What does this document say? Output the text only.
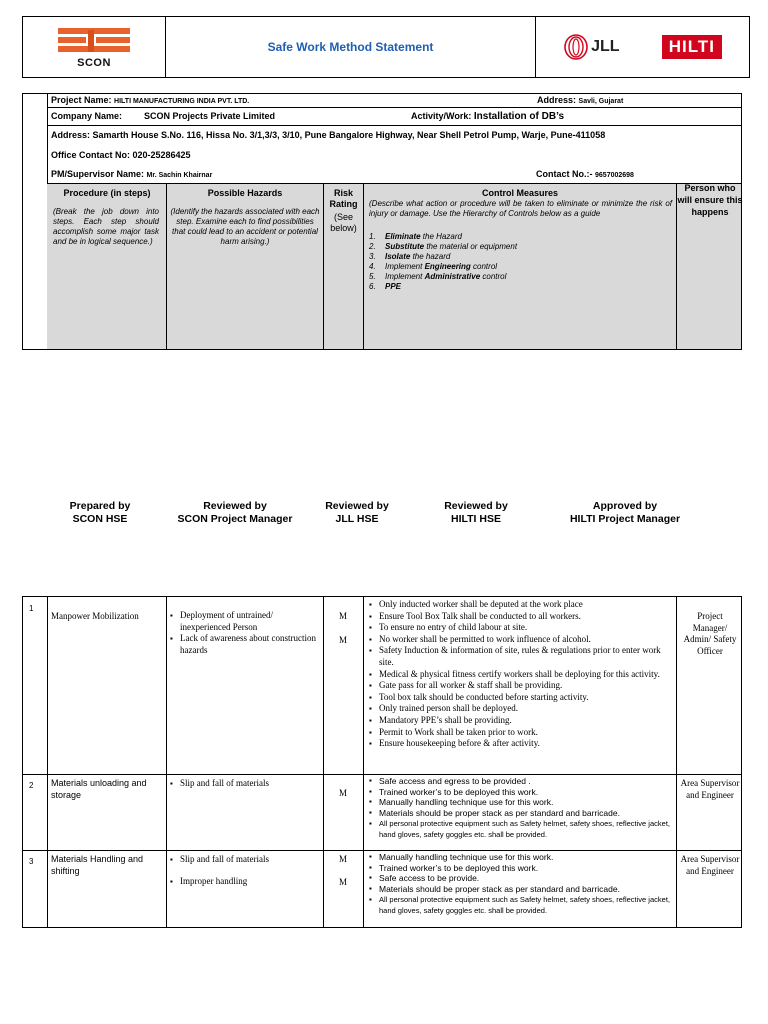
SCON
Safe Work Method Statement	JLL	HILTI
Project Name: HILTI MANUFACTURING INDIA PVT. LTD.	Address: Savli, Gujarat
Company Name: SCON Projects Private Limited	Activity/Work: Installation of DB’s
Address: Samarth House S.No. 116, Hissa No. 3/1,3/3, 3/10, Pune Bangalore Highway, Near Shell Petrol Pump, Warje, Pune-411058
Office Contact No: 020-25286425
PM/Supervisor Name: Mr. Sachin Khairnar	Contact No.:- 9657002698
Procedure (in steps)
(Break the job down into steps. Each step should accomplish some major task and be in logical sequence.)
Possible Hazards
(Identify the hazards associated with each step. Examine each to find possibilities that could lead to an accident or potential harm arising.)
Risk Rating
(See below)
Control Measures
(Describe what action or procedure will be taken to eliminate or minimize the risk of injury or damage. Use the Hierarchy of Controls below as a guide
1. Eliminate the Hazard
2. Substitute the material or equipment
3. Isolate the hazard
4. Implement Engineering control
5. Implement Administrative control
6. PPE
Person who will ensure this happens
Prepared by
SCON HSE
Reviewed by
SCON Project Manager
Reviewed by
JLL HSE
Reviewed by
HILTI HSE
Approved by
HILTI Project Manager
1
Manpower Mobilization
▪	Deployment of untrained/ inexperienced Person
▪ Lack of awareness about construction hazards
M
M
▪ Only inducted worker shall be deputed at the work place
▪ Ensure Tool Box Talk shall be conducted to all workers.
▪ To ensure no entry of child labour at site.
▪ No worker shall be permitted to work influence of alcohol.
▪ Safety Induction & information of site, rules & regulations prior to enter work site.
▪ Medical & physical fitness certify workers shall be deploying for this activity.
▪ Gate pass for all worker & staff shall be providing.
▪ Tool box talk should be conducted before starting activity.
▪ Only trained person shall be deployed.
▪ Mandatory PPE’s shall be providing.
▪ Permit to Work shall be taken prior to work.
▪ Ensure housekeeping before & after activity.
Project Manager/ Admin/ Safety Officer
2 Materials unloading and storage
▪ Slip and fall of materials
M
▪ Safe access and egress to be provided .
▪ Trained worker’s to be deployed this work.
▪ Manually handling technique use for this work.
▪ Materials should be proper stack as per standard and barricade.
▪ All personal protective equipment such as Safety helmet, safety shoes, reflective jacket, hand gloves, safety goggles etc. shall be provided.
Area Supervisor and Engineer
3 Materials Handling and shifting
▪ Slip and fall of materials
▪ Improper handling
M
M
▪ Manually handling technique use for this work.
▪ Trained worker’s to be deployed this work.
▪ Safe access to be provide.
▪ Materials should be proper stack as per standard and barricade.
▪ All personal protective equipment such as Safety helmet, safety shoes, reflective jacket, hand gloves, safety goggles etc. shall be provided.
Area Supervisor and Engineer
